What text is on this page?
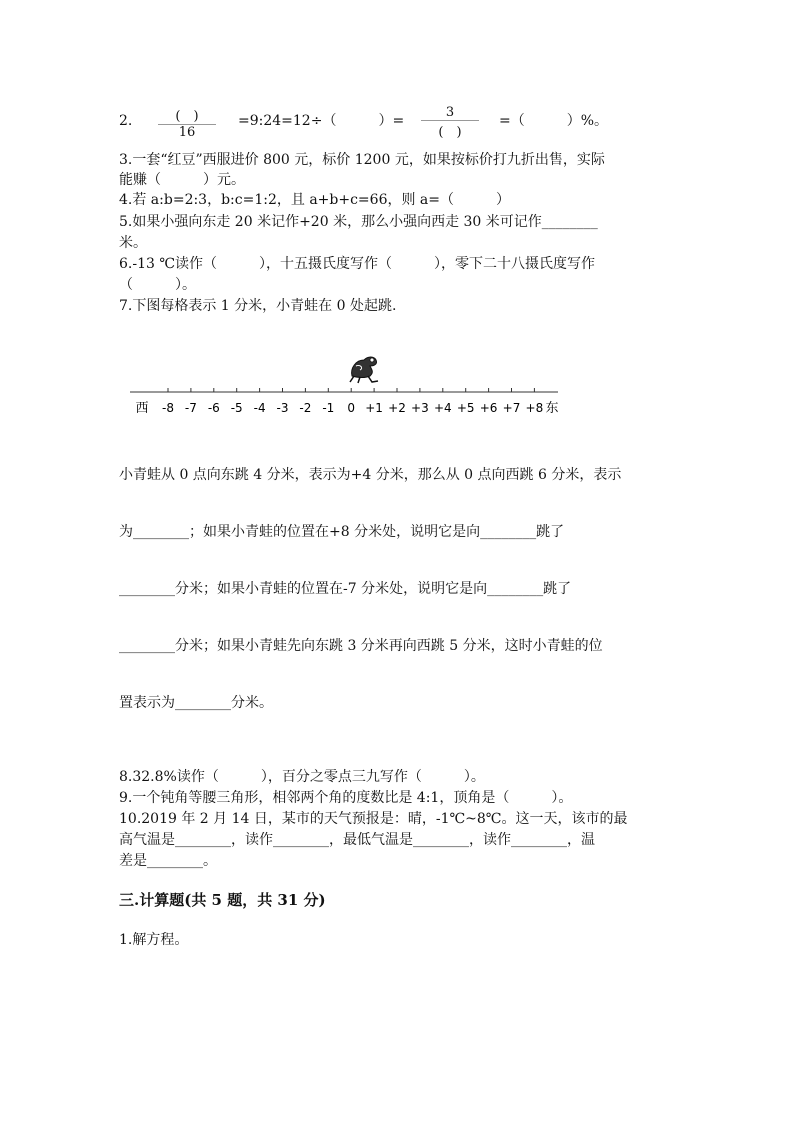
2.	(　)
16
=9:24=12÷（　　　）=
3
(　)
=（　　　）%。
3.一套“红豆”西服进价 800 元，标价 1200 元，如果按标价打九折出售，实际
能赚（　　　）元。
4.若 a:b=2:3，b:c=1:2，且 a+b+c=66，则 a=（　　　）
5.如果小强向东走 20 米记作+20 米，那么小强向西走 30 米可记作________
米。
6.-13 ℃读作（　　　），十五摄氏度写作（　　　），零下二十八摄氏度写作
（　　　）。
7.下图每格表示 1 分米，小青蛙在 0 处起跳.
-8 -7 -6 -5 -4 -3 -2 -1 0 +1 +2 +3 +4 +5 +6 +7 +8
西	东
小青蛙从 0 点向东跳 4 分米，表示为+4 分米，那么从 0 点向西跳 6 分米，表示
为________；如果小青蛙的位置在+8 分米处，说明它是向________跳了
________分米；如果小青蛙的位置在-7 分米处，说明它是向________跳了
________分米；如果小青蛙先向东跳 3 分米再向西跳 5 分米，这时小青蛙的位
置表示为________分米。
8.32.8%读作（　　　），百分之零点三九写作（　　　）。
9.一个钝角等腰三角形，相邻两个角的度数比是 4:1，顶角是（　　　）。
10.2019 年 2 月 14 日，某市的天气预报是：晴，-1℃~8℃。这一天，该市的最
高气温是________，读作________，最低气温是________，读作________，温
差是________。
三.计算题(共 5 题，共 31 分)
1.解方程。
